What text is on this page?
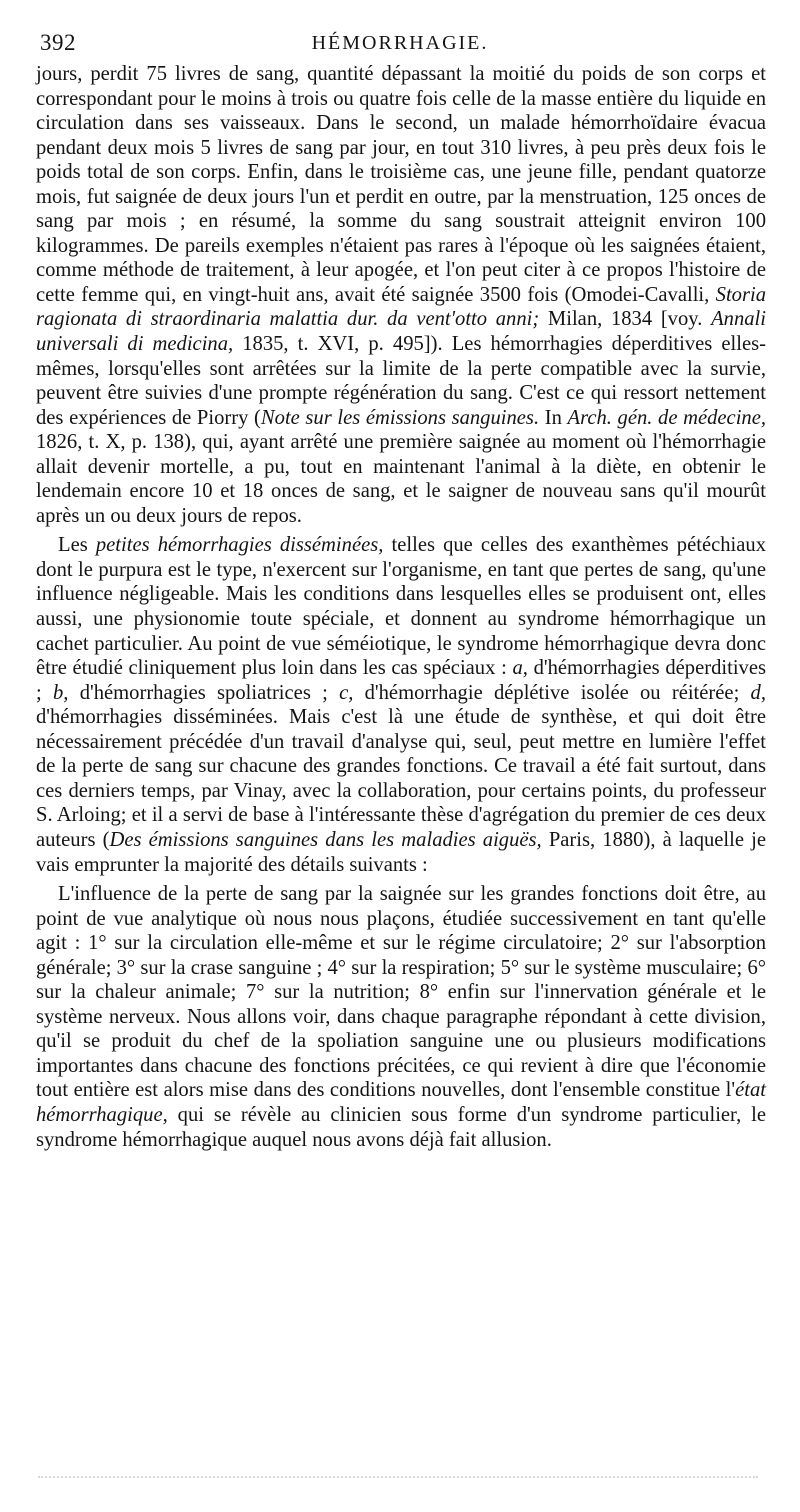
392	HÉMORRHAGIE.

jours, perdit 75 livres de sang, quantité dépassant la moitié du poids de son corps et correspondant pour le moins à trois ou quatre fois celle de la masse entière du liquide en circulation dans ses vaisseaux. Dans le second, un malade hémorrhoïdaire évacua pendant deux mois 5 livres de sang par jour, en tout 310 livres, à peu près deux fois le poids total de son corps. Enfin, dans le troisième cas, une jeune fille, pendant quatorze mois, fut saignée de deux jours l'un et perdit en outre, par la menstruation, 125 onces de sang par mois ; en résumé, la somme du sang soustrait atteignit environ 100 kilogrammes. De pareils exemples n'étaient pas rares à l'époque où les saignées étaient, comme méthode de traitement, à leur apogée, et l'on peut citer à ce propos l'histoire de cette femme qui, en vingt-huit ans, avait été saignée 3500 fois (Omodei-Cavalli, Storia ragionata di straordinaria malattia dur. da vent'otto anni; Milan, 1834 [voy. Annali universali di medicina, 1835, t. XVI, p. 495]). Les hémorrhagies déperditives elles-mêmes, lorsqu'elles sont arrêtées sur la limite de la perte compatible avec la survie, peuvent être suivies d'une prompte régénération du sang. C'est ce qui ressort nettement des expériences de Piorry (Note sur les émissions sanguines. In Arch. gén. de médecine, 1826, t. X, p. 138), qui, ayant arrêté une première saignée au moment où l'hémorrhagie allait devenir mortelle, a pu, tout en maintenant l'animal à la diète, en obtenir le lendemain encore 10 et 18 onces de sang, et le saigner de nouveau sans qu'il mourût après un ou deux jours de repos.

Les petites hémorrhagies disséminées, telles que celles des exanthèmes pétéchiaux dont le purpura est le type, n'exercent sur l'organisme, en tant que pertes de sang, qu'une influence négligeable. Mais les conditions dans lesquelles elles se produisent ont, elles aussi, une physionomie toute spéciale, et donnent au syndrome hémorrhagique un cachet particulier. Au point de vue séméiotique, le syndrome hémorrhagique devra donc être étudié cliniquement plus loin dans les cas spéciaux : a, d'hémorrhagies déperditives ; b, d'hémorrhagies spoliatrices ; c, d'hémorrhagie déplétive isolée ou réitérée; d, d'hémorrhagies disséminées. Mais c'est là une étude de synthèse, et qui doit être nécessairement précédée d'un travail d'analyse qui, seul, peut mettre en lumière l'effet de la perte de sang sur chacune des grandes fonctions. Ce travail a été fait surtout, dans ces derniers temps, par Vinay, avec la collaboration, pour certains points, du professeur S. Arloing; et il a servi de base à l'intéressante thèse d'agrégation du premier de ces deux auteurs (Des émissions sanguines dans les maladies aiguës, Paris, 1880), à laquelle je vais emprunter la majorité des détails suivants :

L'influence de la perte de sang par la saignée sur les grandes fonctions doit être, au point de vue analytique où nous nous plaçons, étudiée successivement en tant qu'elle agit : 1° sur la circulation elle-même et sur le régime circulatoire; 2° sur l'absorption générale; 3° sur la crase sanguine ; 4° sur la respiration; 5° sur le système musculaire; 6° sur la chaleur animale; 7° sur la nutrition; 8° enfin sur l'innervation générale et le système nerveux. Nous allons voir, dans chaque paragraphe répondant à cette division, qu'il se produit du chef de la spoliation sanguine une ou plusieurs modifications importantes dans chacune des fonctions précitées, ce qui revient à dire que l'économie tout entière est alors mise dans des conditions nouvelles, dont l'ensemble constitue l'état hémorrhagique, qui se révèle au clinicien sous forme d'un syndrome particulier, le syndrome hémorrhagique auquel nous avons déjà fait allusion.
